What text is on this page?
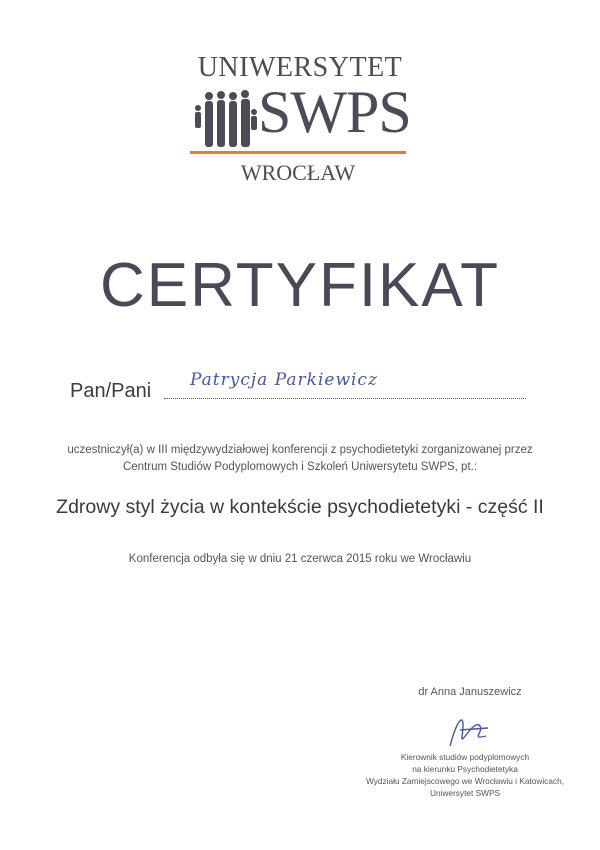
UNIWERSYTET
SWPS
WROCŁAW
CERTYFIKAT
Pan/Pani Patrycja Parkiewicz
uczestniczył(a) w III międzywydziałowej konferencji z psychodietetyki zorganizowanej przez
Centrum Studiów Podyplomowych i Szkoleń Uniwersytetu SWPS, pt.:
Zdrowy styl życia w kontekście psychodietetyki - część II
Konferencja odbyła się w dniu 21 czerwca 2015 roku we Wrocławiu
dr Anna Januszewicz
Kierownik studiów podyplomowych
na kierunku Psychodietetyka
Wydziału Zamiejscowego we Wrocławiu i Katowicach,
Uniwersytet SWPS
